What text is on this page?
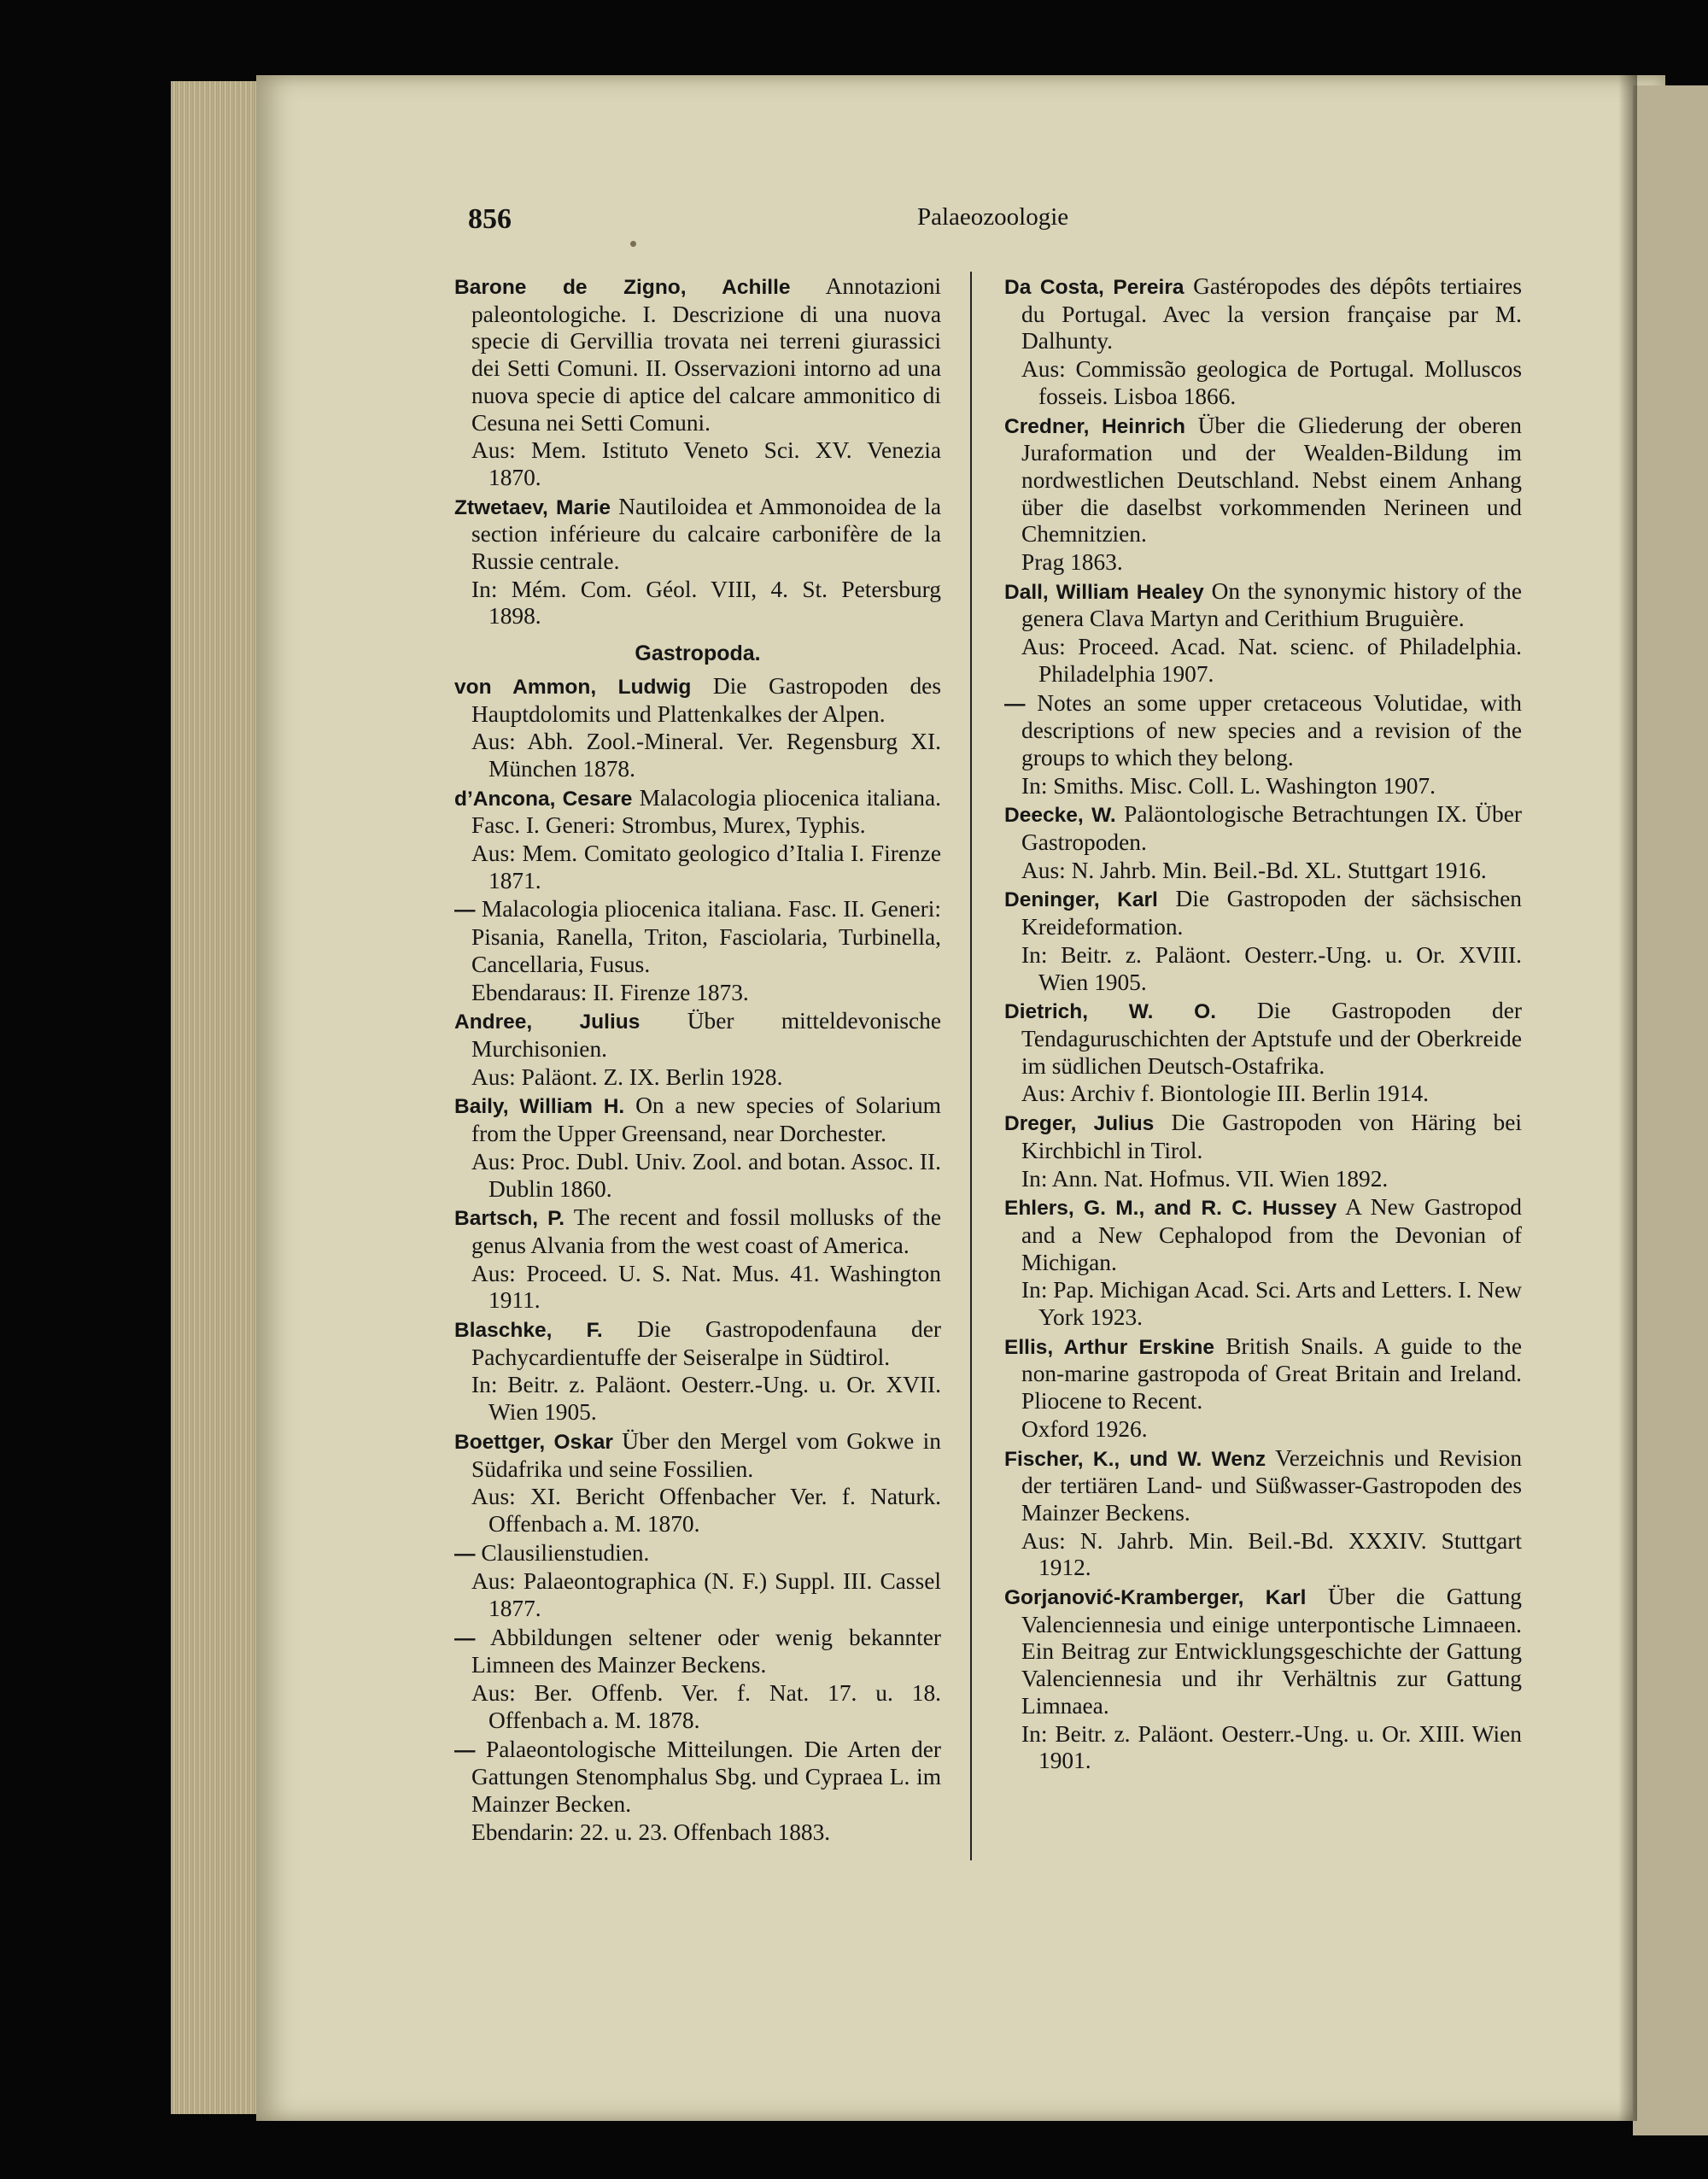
856	Palaeozoologie
Barone de Zigno, Achille Annotazioni paleontologiche. I. Descrizione di una nuova specie di Gervillia trovata nei terreni giurassici dei Setti Comuni. II. Osservazioni intorno ad una nuova specie di aptice del calcare ammonitico di Cesuna nei Setti Comuni.
Aus: Mem. Istituto Veneto Sci. XV. Venezia 1870.
Ztwetaev, Marie Nautiloidea et Ammonoidea de la section inférieure du calcaire carbonifère de la Russie centrale.
In: Mém. Com. Géol. VIII, 4. St. Petersburg 1898.
Gastropoda.
von Ammon, Ludwig Die Gastropoden des Hauptdolomits und Plattenkalkes der Alpen.
Aus: Abh. Zool.-Mineral. Ver. Regensburg XI. München 1878.
d’Ancona, Cesare Malacologia pliocenica italiana. Fasc. I. Generi: Strombus, Murex, Typhis.
Aus: Mem. Comitato geologico d’Italia I. Firenze 1871.
— Malacologia pliocenica italiana. Fasc. II. Generi: Pisania, Ranella, Triton, Fasciolaria, Turbinella, Cancellaria, Fusus.
Ebendaraus: II. Firenze 1873.
Andree, Julius Über mitteldevonische Murchisonien.
Aus: Paläont. Z. IX. Berlin 1928.
Baily, William H. On a new species of Solarium from the Upper Greensand, near Dorchester.
Aus: Proc. Dubl. Univ. Zool. and botan. Assoc. II. Dublin 1860.
Bartsch, P. The recent and fossil mollusks of the genus Alvania from the west coast of America.
Aus: Proceed. U. S. Nat. Mus. 41. Washington 1911.
Blaschke, F. Die Gastropodenfauna der Pachycardientuffe der Seiseralpe in Südtirol.
In: Beitr. z. Paläont. Oesterr.-Ung. u. Or. XVII. Wien 1905.
Boettger, Oskar Über den Mergel vom Gokwe in Südafrika und seine Fossilien.
Aus: XI. Bericht Offenbacher Ver. f. Naturk. Offenbach a. M. 1870.
— Clausilienstudien.
Aus: Palaeontographica (N. F.) Suppl. III. Cassel 1877.
— Abbildungen seltener oder wenig bekannter Limneen des Mainzer Beckens.
Aus: Ber. Offenb. Ver. f. Nat. 17. u. 18. Offenbach a. M. 1878.
— Palaeontologische Mitteilungen. Die Arten der Gattungen Stenomphalus Sbg. und Cypraea L. im Mainzer Becken.
Ebendarin: 22. u. 23. Offenbach 1883.
Da Costa, Pereira Gastéropodes des dépôts tertiaires du Portugal. Avec la version française par M. Dalhunty.
Aus: Commissão geologica de Portugal. Molluscos fosseis. Lisboa 1866.
Credner, Heinrich Über die Gliederung der oberen Juraformation und der Wealden-Bildung im nordwestlichen Deutschland. Nebst einem Anhang über die daselbst vorkommenden Nerineen und Chemnitzien.
Prag 1863.
Dall, William Healey On the synonymic history of the genera Clava Martyn and Cerithium Bruguière.
Aus: Proceed. Acad. Nat. scienc. of Philadelphia. Philadelphia 1907.
— Notes an some upper cretaceous Volutidae, with descriptions of new species and a revision of the groups to which they belong.
In: Smiths. Misc. Coll. L. Washington 1907.
Deecke, W. Paläontologische Betrachtungen IX. Über Gastropoden.
Aus: N. Jahrb. Min. Beil.-Bd. XL. Stuttgart 1916.
Deninger, Karl Die Gastropoden der sächsischen Kreideformation.
In: Beitr. z. Paläont. Oesterr.-Ung. u. Or. XVIII. Wien 1905.
Dietrich, W. O. Die Gastropoden der Tendaguruschichten der Aptstufe und der Oberkreide im südlichen Deutsch-Ostafrika.
Aus: Archiv f. Biontologie III. Berlin 1914.
Dreger, Julius Die Gastropoden von Häring bei Kirchbichl in Tirol.
In: Ann. Nat. Hofmus. VII. Wien 1892.
Ehlers, G. M., and R. C. Hussey A New Gastropod and a New Cephalopod from the Devonian of Michigan.
In: Pap. Michigan Acad. Sci. Arts and Letters. I. New York 1923.
Ellis, Arthur Erskine British Snails. A guide to the non-marine gastropoda of Great Britain and Ireland. Pliocene to Recent.
Oxford 1926.
Fischer, K., und W. Wenz Verzeichnis und Revision der tertiären Land- und Süßwasser-Gastropoden des Mainzer Beckens.
Aus: N. Jahrb. Min. Beil.-Bd. XXXIV. Stuttgart 1912.
Gorjanović-Kramberger, Karl Über die Gattung Valenciennesia und einige unterpontische Limnaeen. Ein Beitrag zur Entwicklungsgeschichte der Gattung Valenciennesia und ihr Verhältnis zur Gattung Limnaea.
In: Beitr. z. Paläont. Oesterr.-Ung. u. Or. XIII. Wien 1901.
